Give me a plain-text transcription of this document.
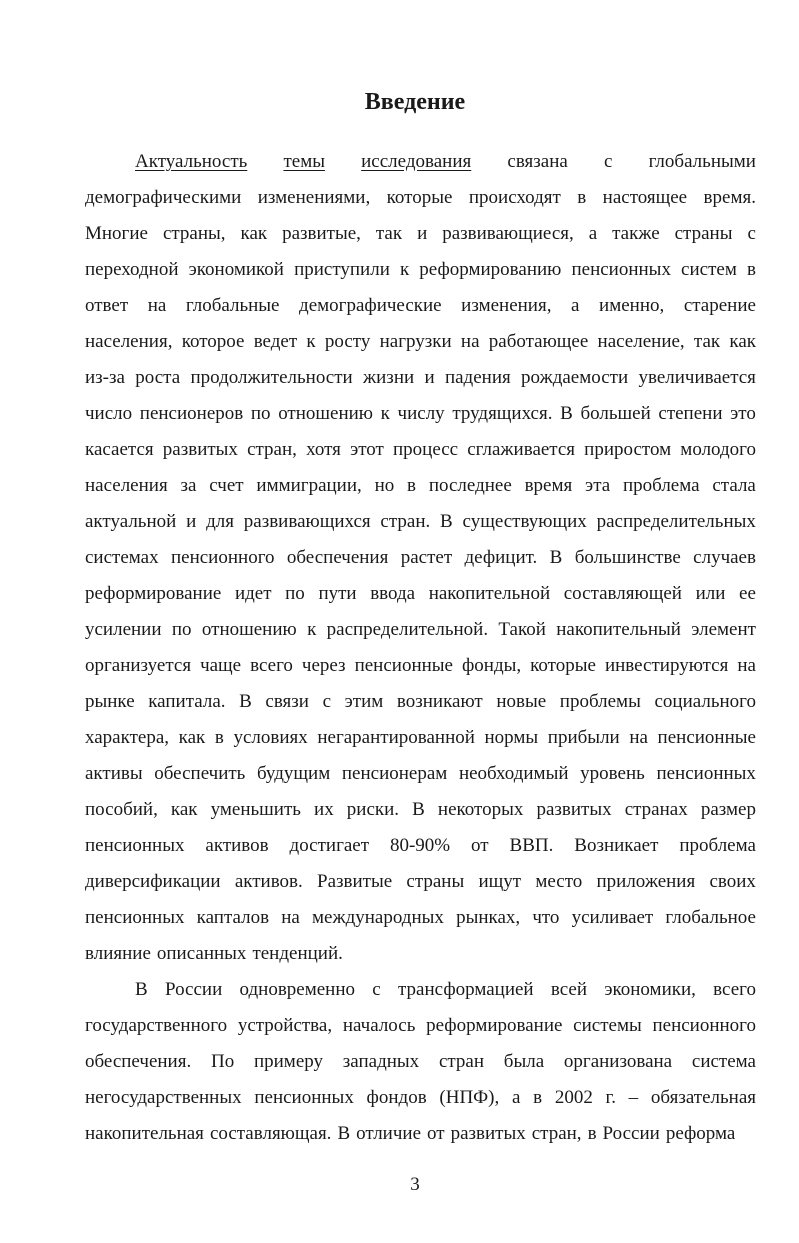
Введение
Актуальность темы исследования связана с глобальными
демографическими изменениями, которые происходят в настоящее время.
Многие страны, как развитые, так и развивающиеся, а также страны с
переходной экономикой приступили к реформированию пенсионных систем в
ответ на глобальные демографические изменения, а именно, старение
населения, которое ведет к росту нагрузки на работающее население, так как
из-за роста продолжительности жизни и падения рождаемости увеличивается
число пенсионеров по отношению к числу трудящихся. В большей степени это
касается развитых стран, хотя этот процесс сглаживается приростом молодого
населения за счет иммиграции, но в последнее время эта проблема стала
актуальной и для развивающихся стран. В существующих распределительных
системах пенсионного обеспечения растет дефицит. В большинстве случаев
реформирование идет по пути ввода накопительной составляющей или ее
усилении по отношению к распределительной. Такой накопительный элемент
организуется чаще всего через пенсионные фонды, которые инвестируются на
рынке капитала. В связи с этим возникают новые проблемы социального
характера, как в условиях негарантированной нормы прибыли на пенсионные
активы обеспечить будущим пенсионерам необходимый уровень пенсионных
пособий, как уменьшить их риски. В некоторых развитых странах размер
пенсионных активов достигает 80-90% от ВВП. Возникает проблема
диверсификации активов. Развитые страны ищут место приложения своих
пенсионных капталов на международных рынках, что усиливает глобальное
влияние описанных тенденций.
В России одновременно с трансформацией всей экономики, всего
государственного устройства, началось реформирование системы пенсионного
обеспечения. По примеру западных стран была организована система
негосударственных пенсионных фондов (НПФ), а в 2002 г. – обязательная
накопительная составляющая. В отличие от развитых стран, в России реформа
3
